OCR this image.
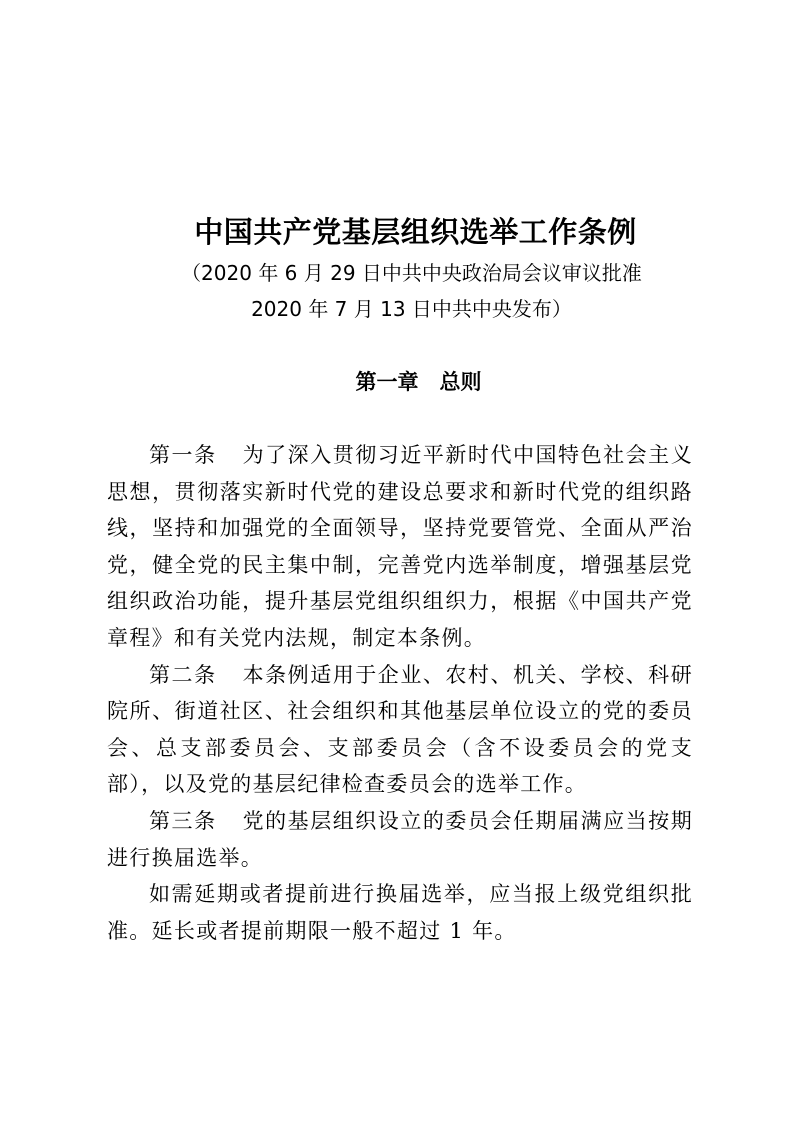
中国共产党基层组织选举工作条例
（2020 年 6 月 29 日中共中央政治局会议审议批准
2020 年 7 月 13 日中共中央发布）
第一章　总则

第一条 为了深入贯彻习近平新时代中国特色社会主义思想，贯彻落实新时代党的建设总要求和新时代党的组织路线，坚持和加强党的全面领导，坚持党要管党、全面从严治党，健全党的民主集中制，完善党内选举制度，增强基层党组织政治功能，提升基层党组织组织力，根据《中国共产党章程》和有关党内法规，制定本条例。

第二条 本条例适用于企业、农村、机关、学校、科研院所、街道社区、社会组织和其他基层单位设立的党的委员会、总支部委员会、支部委员会（含不设委员会的党支部），以及党的基层纪律检查委员会的选举工作。

第三条 党的基层组织设立的委员会任期届满应当按期进行换届选举。

如需延期或者提前进行换届选举，应当报上级党组织批准。延长或者提前期限一般不超过 1 年。
